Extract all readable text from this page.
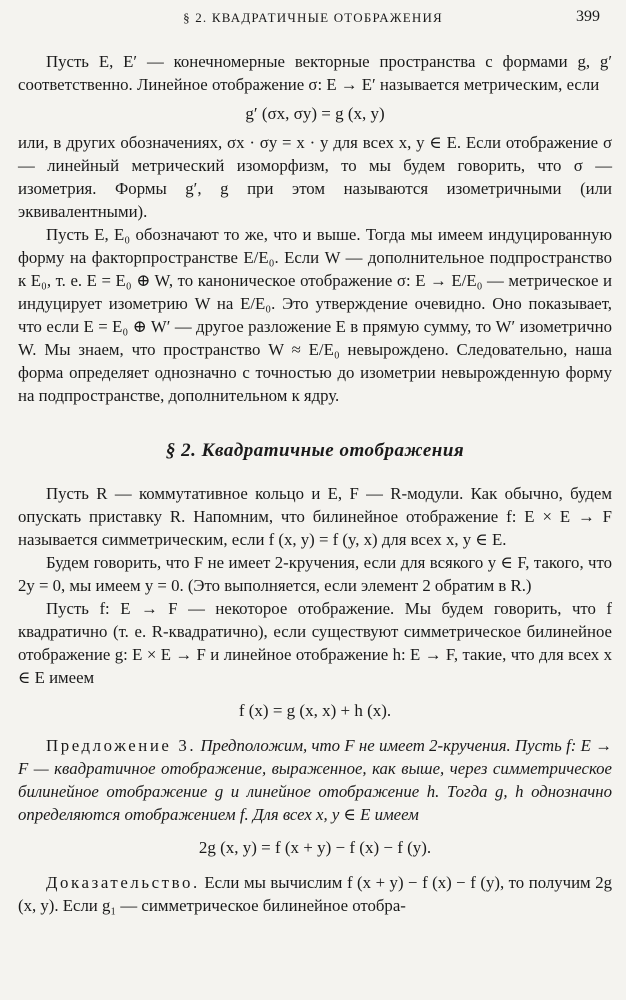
§ 2. КВАДРАТИЧНЫЕ ОТОБРАЖЕНИЯ	399

Пусть E, E′ — конечномерные векторные пространства с формами g, g′ соответственно. Линейное отображение σ: E → E′ называется метрическим, если

g′ (σx, σy) = g (x, y)

или, в других обозначениях, σx · σy = x · y для всех x, y ∈ E. Если отображение σ — линейный метрический изоморфизм, то мы будем говорить, что σ — изометрия. Формы g′, g при этом называются изометричными (или эквивалентными).

Пусть E, E₀ обозначают то же, что и выше. Тогда мы имеем индуцированную форму на факторпространстве E/E₀. Если W — дополнительное подпространство к E₀, т. е. E = E₀ ⊕ W, то каноническое отображение σ: E → E/E₀ — метрическое и индуцирует изометрию W на E/E₀. Это утверждение очевидно. Оно показывает, что если E = E₀ ⊕ W′ — другое разложение E в прямую сумму, то W′ изометрично W. Мы знаем, что пространство W ≈ E/E₀ невырождено. Следовательно, наша форма определяет однозначно с точностью до изометрии невырожденную форму на подпространстве, дополнительном к ядру.

§ 2. Квадратичные отображения

Пусть R — коммутативное кольцо и E, F — R-модули. Как обычно, будем опускать приставку R. Напомним, что билинейное отображение f: E × E → F называется симметрическим, если f (x, y) = f (y, x) для всех x, y ∈ E.

Будем говорить, что F не имеет 2-кручения, если для всякого y ∈ F, такого, что 2y = 0, мы имеем y = 0. (Это выполняется, если элемент 2 обратим в R.)

Пусть f: E → F — некоторое отображение. Мы будем говорить, что f квадратично (т. е. R-квадратично), если существуют симметрическое билинейное отображение g: E × E → F и линейное отображение h: E → F, такие, что для всех x ∈ E имеем

f (x) = g (x, x) + h (x).

Предложение 3. Предположим, что F не имеет 2-кручения. Пусть f: E → F — квадратичное отображение, выраженное, как выше, через симметрическое билинейное отображение g и линейное отображение h. Тогда g, h однозначно определяются отображением f. Для всех x, y ∈ E имеем

2g (x, y) = f (x + y) − f (x) − f (y).

Доказательство. Если мы вычислим f (x + y) − f (x) − f (y), то получим 2g (x, y). Если g₁ — симметрическое билинейное отобра-
